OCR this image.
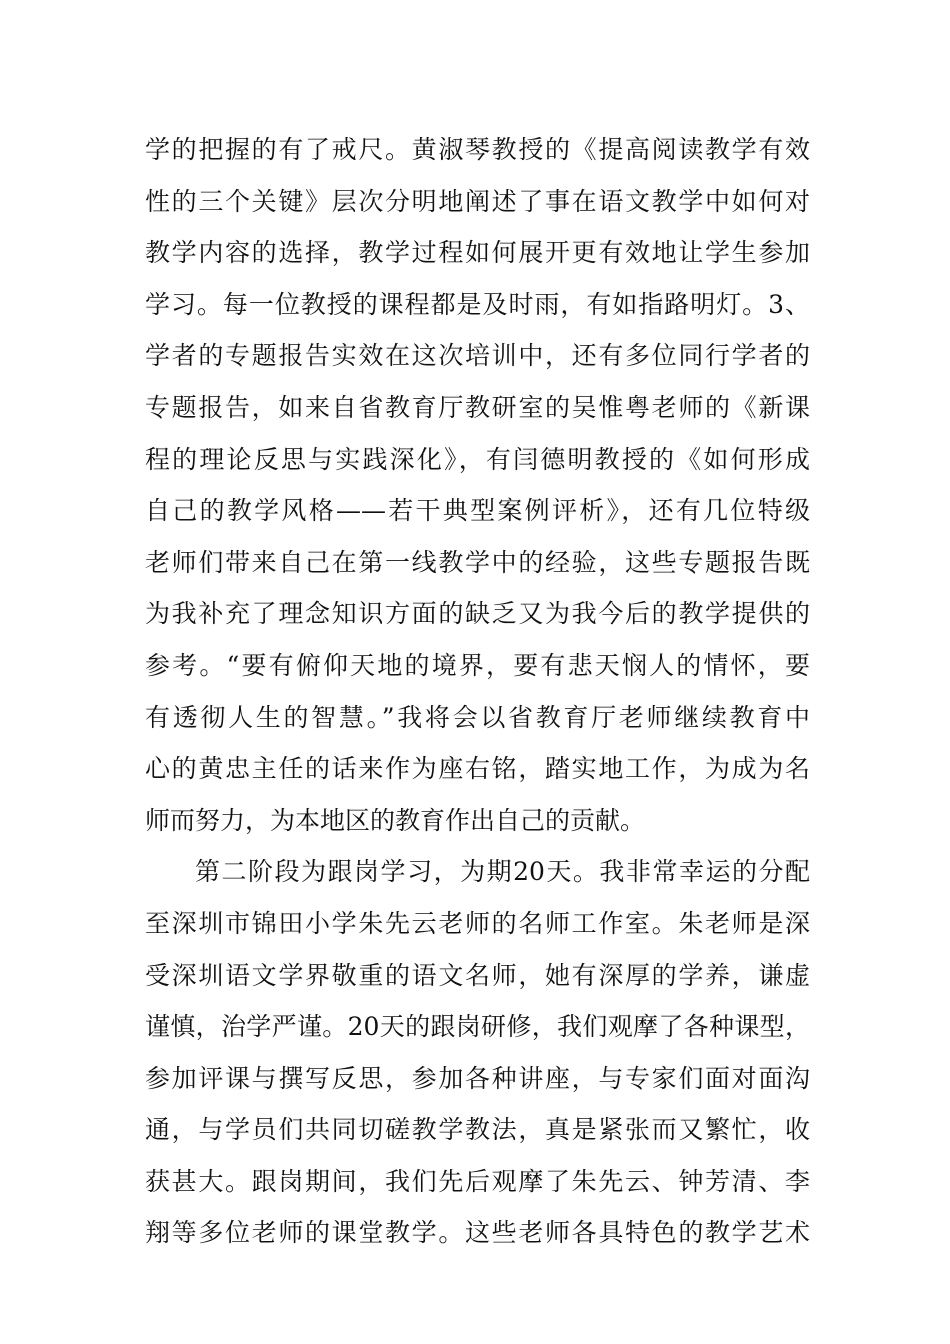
学的把握的有了戒尺。黄淑琴教授的《提高阅读教学有效
性的三个关键》层次分明地阐述了事在语文教学中如何对
教学内容的选择，教学过程如何展开更有效地让学生参加
学习。每一位教授的课程都是及时雨，有如指路明灯。3、
学者的专题报告实效在这次培训中，还有多位同行学者的
专题报告，如来自省教育厅教研室的吴惟粤老师的《新课
程的理论反思与实践深化》，有闫德明教授的《如何形成
自己的教学风格——若干典型案例评析》，还有几位特级
老师们带来自己在第一线教学中的经验，这些专题报告既
为我补充了理念知识方面的缺乏又为我今后的教学提供的
参考。“要有俯仰天地的境界，要有悲天悯人的情怀，要
有透彻人生的智慧。”我将会以省教育厅老师继续教育中
心的黄忠主任的话来作为座右铭，踏实地工作，为成为名
师而努力，为本地区的教育作出自己的贡献。
第二阶段为跟岗学习，为期20天。我非常幸运的分配
至深圳市锦田小学朱先云老师的名师工作室。朱老师是深
受深圳语文学界敬重的语文名师，她有深厚的学养，谦虚
谨慎，治学严谨。20天的跟岗研修，我们观摩了各种课型，
参加评课与撰写反思，参加各种讲座，与专家们面对面沟
通，与学员们共同切磋教学教法，真是紧张而又繁忙，收
获甚大。跟岗期间，我们先后观摩了朱先云、钟芳清、李
翔等多位老师的课堂教学。这些老师各具特色的教学艺术
